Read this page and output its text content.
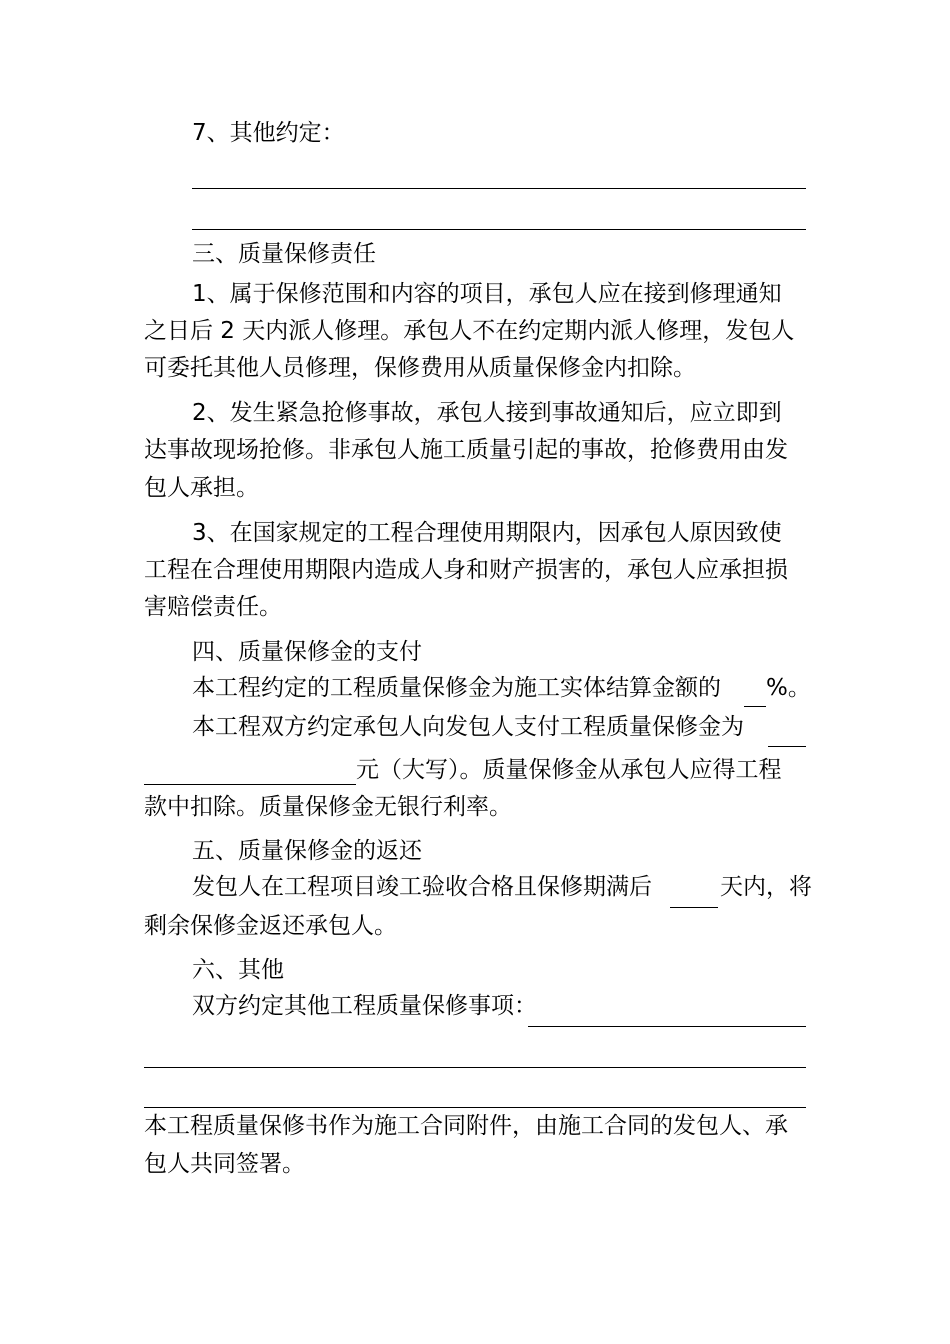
7、其他约定：
三、质量保修责任
1、属于保修范围和内容的项目，承包人应在接到修理通知
之日后 2 天内派人修理。承包人不在约定期内派人修理，发包人
可委托其他人员修理，保修费用从质量保修金内扣除。
2、发生紧急抢修事故，承包人接到事故通知后，应立即到
达事故现场抢修。非承包人施工质量引起的事故，抢修费用由发
包人承担。
3、在国家规定的工程合理使用期限内，因承包人原因致使
工程在合理使用期限内造成人身和财产损害的，承包人应承担损
害赔偿责任。
四、质量保修金的支付
本工程约定的工程质量保修金为施工实体结算金额的 %。
本工程双方约定承包人向发包人支付工程质量保修金为
元（大写）。质量保修金从承包人应得工程
款中扣除。质量保修金无银行利率。
五、质量保修金的返还
发包人在工程项目竣工验收合格且保修期满后	天内，将
剩余保修金返还承包人。
六、其他
双方约定其他工程质量保修事项：
本工程质量保修书作为施工合同附件，由施工合同的发包人、承
包人共同签署。
